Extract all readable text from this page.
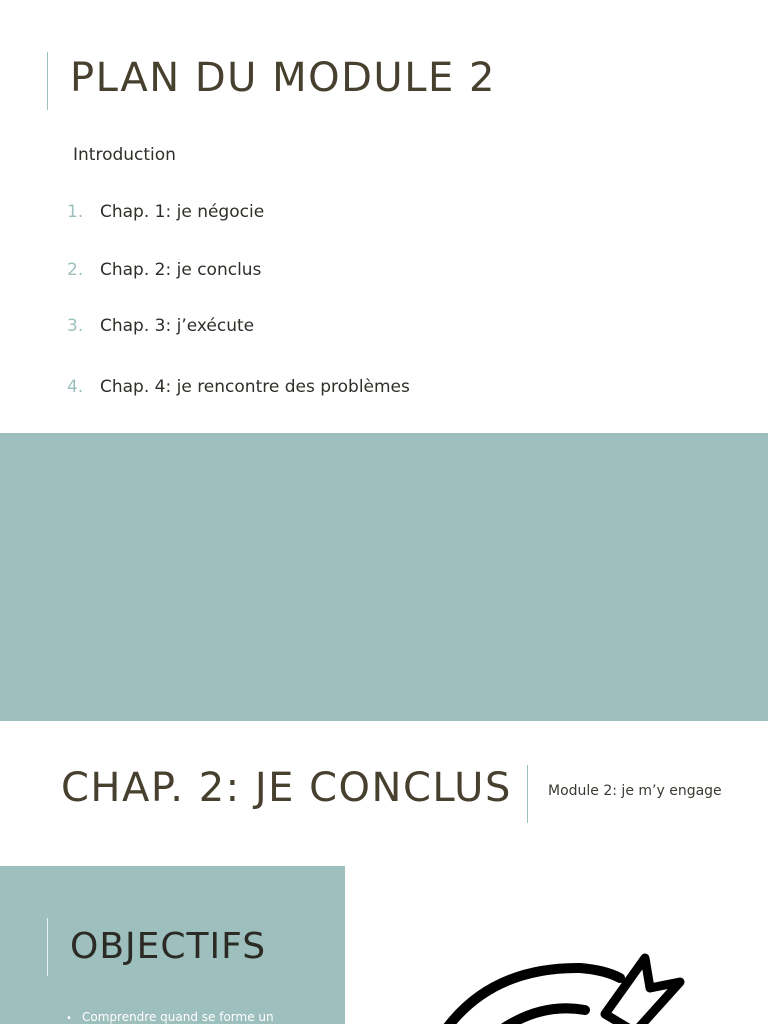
PLAN DU MODULE 2
Introduction
1. Chap. 1: je négocie
2. Chap. 2: je conclus
3. Chap. 3: j’exécute
4. Chap. 4: je rencontre des problèmes
CHAP. 2: JE CONCLUS	Module 2: je m’y engage
OBJECTIFS
• Comprendre quand se forme un
